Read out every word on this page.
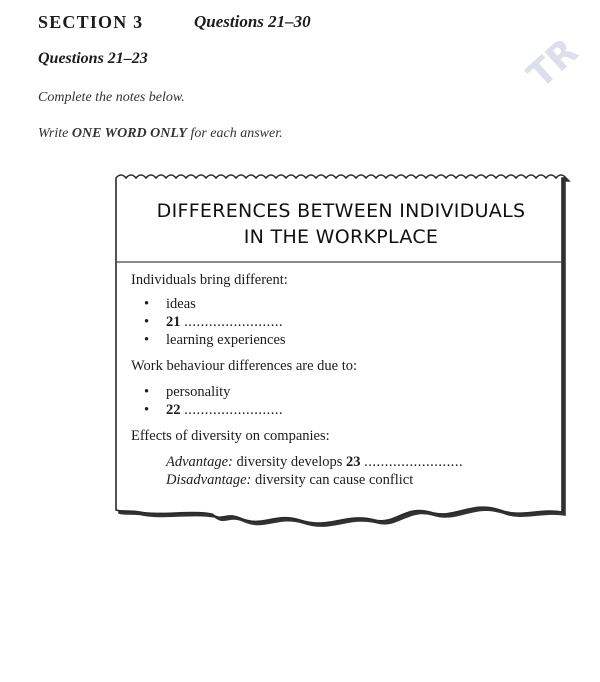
TR
SECTION 3	Questions 21–30
Questions 21–23
Complete the notes below.
Write ONE WORD ONLY for each answer.
DIFFERENCES BETWEEN INDIVIDUALS
IN THE WORKPLACE
Individuals bring different:
• ideas
• 21 ........................
• learning experiences
Work behaviour differences are due to:
• personality
• 22 ........................
Effects of diversity on companies:
Advantage: diversity develops 23 ........................
Disadvantage: diversity can cause conflict
